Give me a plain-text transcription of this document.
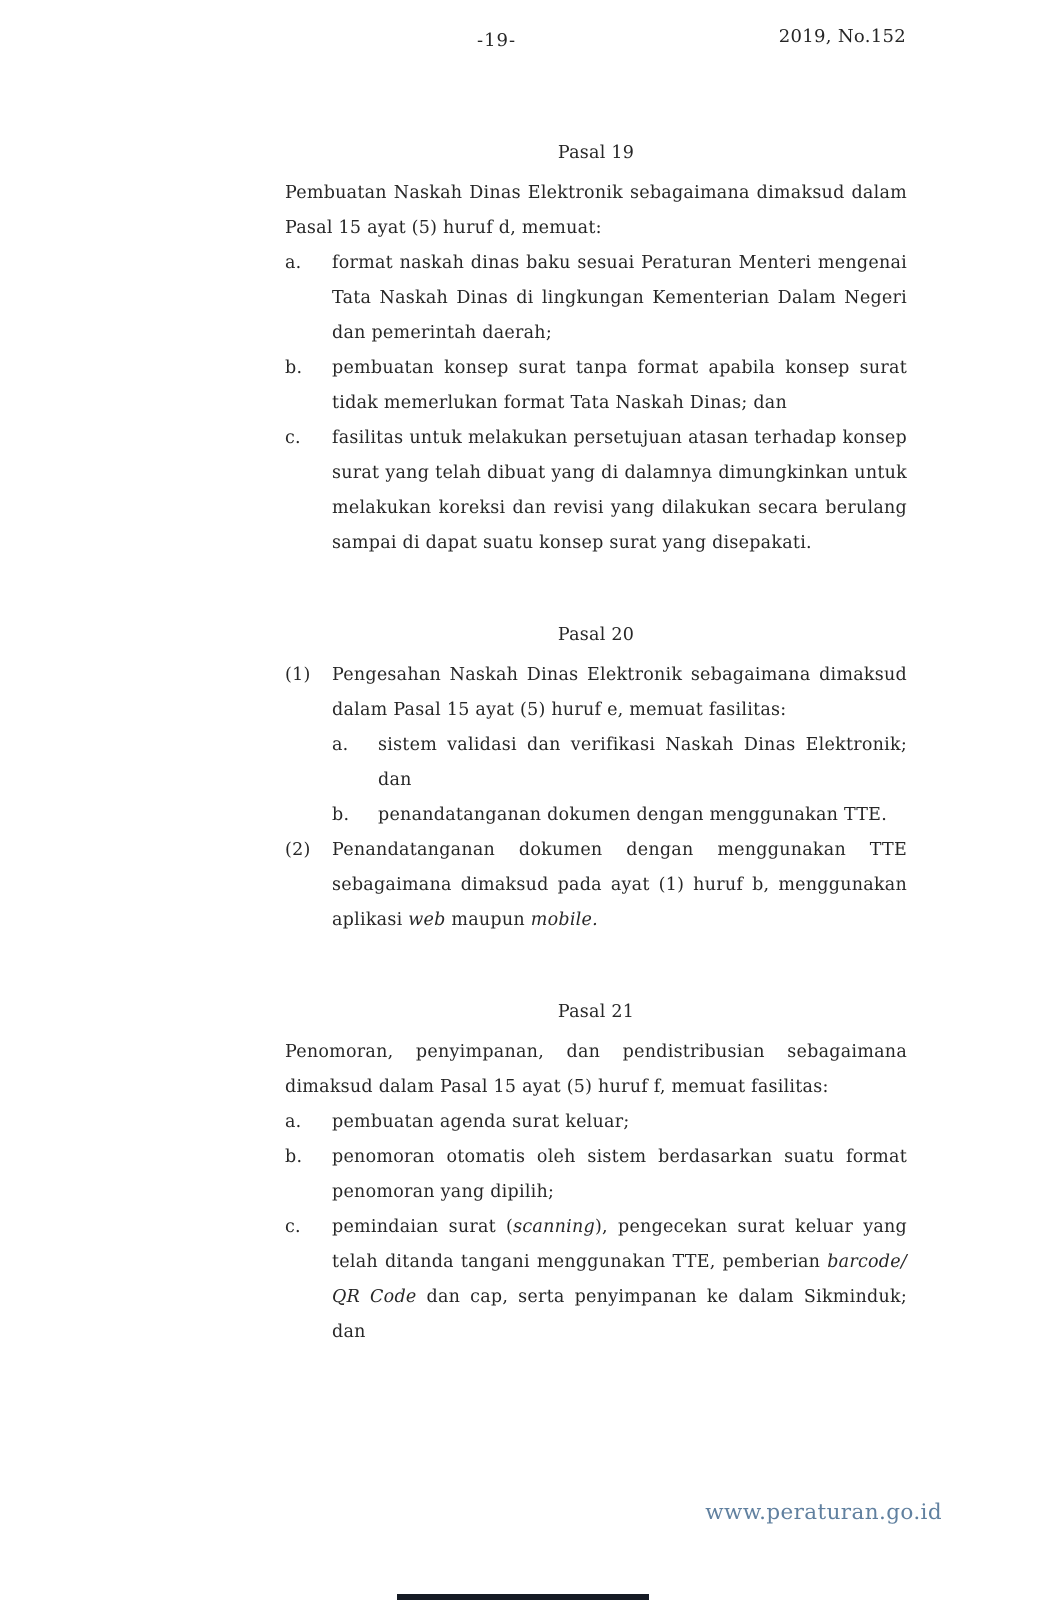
-19-	2019, No.152
Pasal 19

Pembuatan Naskah Dinas Elektronik sebagaimana dimaksud dalam Pasal 15 ayat (5) huruf d, memuat:

a.	format naskah dinas baku sesuai Peraturan Menteri mengenai Tata Naskah Dinas di lingkungan Kementerian Dalam Negeri dan pemerintah daerah;
b.	pembuatan konsep surat tanpa format apabila konsep surat tidak memerlukan format Tata Naskah Dinas; dan
c.	fasilitas untuk melakukan persetujuan atasan terhadap konsep surat yang telah dibuat yang di dalamnya dimungkinkan untuk melakukan koreksi dan revisi yang dilakukan secara berulang sampai di dapat suatu konsep surat yang disepakati.
Pasal 20
(1)	Pengesahan Naskah Dinas Elektronik sebagaimana dimaksud dalam Pasal 15 ayat (5) huruf e, memuat fasilitas:
a.	sistem validasi dan verifikasi Naskah Dinas Elektronik; dan
b.	penandatanganan dokumen dengan menggunakan TTE.
(2)	Penandatanganan dokumen dengan menggunakan TTE sebagaimana dimaksud pada ayat (1) huruf b, menggunakan aplikasi web maupun mobile.
Pasal 21

Penomoran, penyimpanan, dan pendistribusian sebagaimana dimaksud dalam Pasal 15 ayat (5) huruf f, memuat fasilitas:

a.	pembuatan agenda surat keluar;
b.	penomoran otomatis oleh sistem berdasarkan suatu format penomoran yang dipilih;
c.	pemindaian surat (scanning), pengecekan surat keluar yang telah ditanda tangani menggunakan TTE, pemberian barcode/ QR Code dan cap, serta penyimpanan ke dalam Sikminduk; dan
www.peraturan.go.id
